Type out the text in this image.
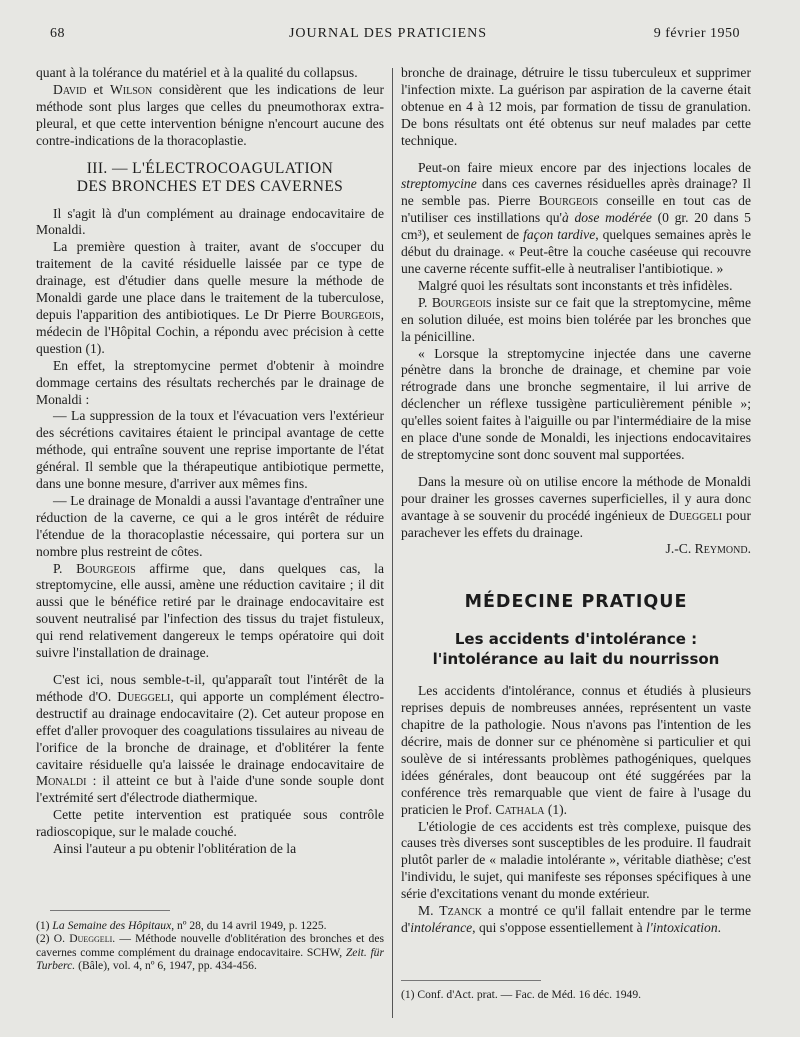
68	JOURNAL DES PRATICIENS	9 février 1950

quant à la tolérance du matériel et à la qualité du collapsus.

David et Wilson considèrent que les indications de leur méthode sont plus larges que celles du pneumothorax extra-pleural, et que cette intervention bénigne n'encourt aucune des contre-indications de la thoracoplastie.

III. — L'ÉLECTROCOAGULATION
DES BRONCHES ET DES CAVERNES

Il s'agit là d'un complément au drainage endocavitaire de Monaldi.

La première question à traiter, avant de s'occuper du traitement de la cavité résiduelle laissée par ce type de drainage, est d'étudier dans quelle mesure la méthode de Monaldi garde une place dans le traitement de la tuberculose, depuis l'apparition des antibiotiques. Le Dr Pierre Bourgeois, médecin de l'Hôpital Cochin, a répondu avec précision à cette question (1).

En effet, la streptomycine permet d'obtenir à moindre dommage certains des résultats recherchés par le drainage de Monaldi :

— La suppression de la toux et l'évacuation vers l'extérieur des sécrétions cavitaires étaient le principal avantage de cette méthode, qui entraîne souvent une reprise importante de l'état général. Il semble que la thérapeutique antibiotique permette, dans une bonne mesure, d'arriver aux mêmes fins.

— Le drainage de Monaldi a aussi l'avantage d'entraîner une réduction de la caverne, ce qui a le gros intérêt de réduire l'étendue de la thoracoplastie nécessaire, qui portera sur un nombre plus restreint de côtes.

P. Bourgeois affirme que, dans quelques cas, la streptomycine, elle aussi, amène une réduction cavitaire ; il dit aussi que le bénéfice retiré par le drainage endocavitaire est souvent neutralisé par l'infection des tissus du trajet fistuleux, qui rend relativement dangereux le temps opératoire qui doit suivre l'installation de drainage.

C'est ici, nous semble-t-il, qu'apparaît tout l'intérêt de la méthode d'O. Dueggeli, qui apporte un complément électro-destructif au drainage endocavitaire (2). Cet auteur propose en effet d'aller provoquer des coagulations tissulaires au niveau de l'orifice de la bronche de drainage, et d'oblitérer la fente cavitaire résiduelle qu'a laissée le drainage endocavitaire de Monaldi : il atteint ce but à l'aide d'une sonde souple dont l'extrémité sert d'électrode diathermique.

Cette petite intervention est pratiquée sous contrôle radioscopique, sur le malade couché.

Ainsi l'auteur a pu obtenir l'oblitération de la

(1) La Semaine des Hôpitaux, nº 28, du 14 avril 1949, p. 1225.

(2) O. Dueggeli. — Méthode nouvelle d'oblitération des bronches et des cavernes comme complément du drainage endocavitaire. SCHW, Zeit. für Turberc. (Bâle), vol. 4, nº 6, 1947, pp. 434-456.

bronche de drainage, détruire le tissu tuberculeux et supprimer l'infection mixte. La guérison par aspiration de la caverne était obtenue en 4 à 12 mois, par formation de tissu de granulation. De bons résultats ont été obtenus sur neuf malades par cette technique.

Peut-on faire mieux encore par des injections locales de streptomycine dans ces cavernes résiduelles après drainage? Il ne semble pas. Pierre Bourgeois conseille en tout cas de n'utiliser ces instillations qu'à dose modérée (0 gr. 20 dans 5 cm³), et seulement de façon tardive, quelques semaines après le début du drainage. « Peut-être la couche caséeuse qui recouvre une caverne récente suffit-elle à neutraliser l'antibiotique. »

Malgré quoi les résultats sont inconstants et très infidèles.

P. Bourgeois insiste sur ce fait que la streptomycine, même en solution diluée, est moins bien tolérée par les bronches que la pénicilline.

« Lorsque la streptomycine injectée dans une caverne pénètre dans la bronche de drainage, et chemine par voie rétrograde dans une bronche segmentaire, il lui arrive de déclencher un réflexe tussigène particulièrement pénible »; qu'elles soient faites à l'aiguille ou par l'intermédiaire de la mise en place d'une sonde de Monaldi, les injections endocavitaires de streptomycine sont donc souvent mal supportées.

Dans la mesure où on utilise encore la méthode de Monaldi pour drainer les grosses cavernes superficielles, il y aura donc avantage à se souvenir du procédé ingénieux de Dueggeli pour parachever les effets du drainage.

J.-C. Reymond.

MÉDECINE PRATIQUE
Les accidents d'intolérance :
l'intolérance au lait du nourrisson

Les accidents d'intolérance, connus et étudiés à plusieurs reprises depuis de nombreuses années, représentent un vaste chapitre de la pathologie. Nous n'avons pas l'intention de les décrire, mais de donner sur ce phénomène si particulier et qui soulève de si intéressants problèmes pathogéniques, quelques idées générales, dont beaucoup ont été suggérées par la conférence très remarquable que vient de faire à l'usage du praticien le Prof. Cathala (1).

L'étiologie de ces accidents est très complexe, puisque des causes très diverses sont susceptibles de les produire. Il faudrait plutôt parler de « maladie intolérante », véritable diathèse; c'est l'individu, le sujet, qui manifeste ses réponses spécifiques à une série d'excitations venant du monde extérieur.

M. Tzanck a montré ce qu'il fallait entendre par le terme d'intolérance, qui s'oppose essentiellement à l'intoxication.

(1) Conf. d'Act. prat. — Fac. de Méd. 16 déc. 1949.
